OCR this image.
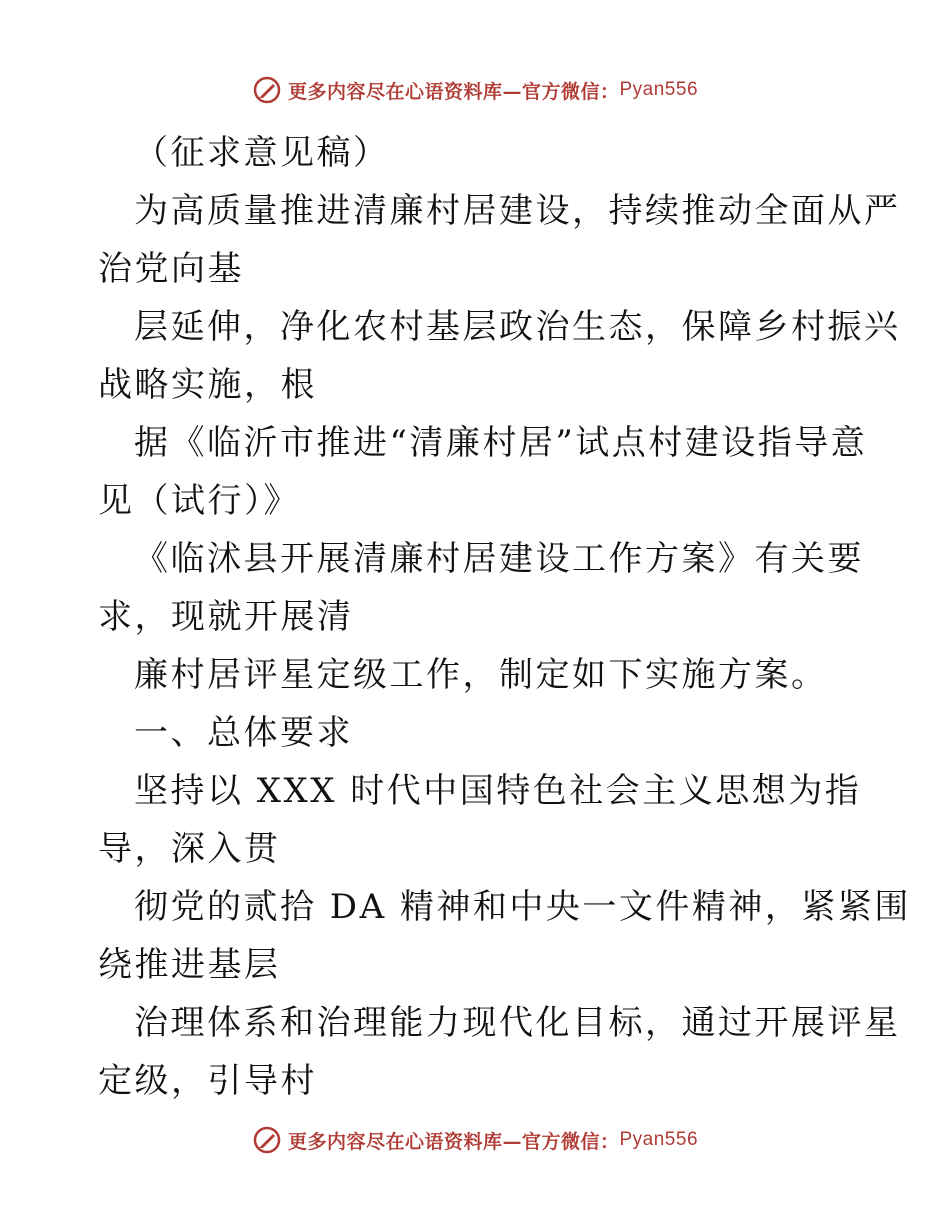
更多内容尽在心语资料库—官方微信： Pyan556
（征求意见稿）
为高质量推进清廉村居建设，持续推动全面从严
治党向基
层延伸，净化农村基层政治生态，保障乡村振兴
战略实施，根
据《临沂市推进“清廉村居”试点村建设指导意
见（试行）》
《临沭县开展清廉村居建设工作方案》有关要
求，现就开展清
廉村居评星定级工作，制定如下实施方案。
一、总体要求
坚持以 XXX 时代中国特色社会主义思想为指
导，深入贯
彻党的贰拾 DA 精神和中央一文件精神，紧紧围
绕推进基层
治理体系和治理能力现代化目标，通过开展评星
定级，引导村
更多内容尽在心语资料库—官方微信： Pyan556
